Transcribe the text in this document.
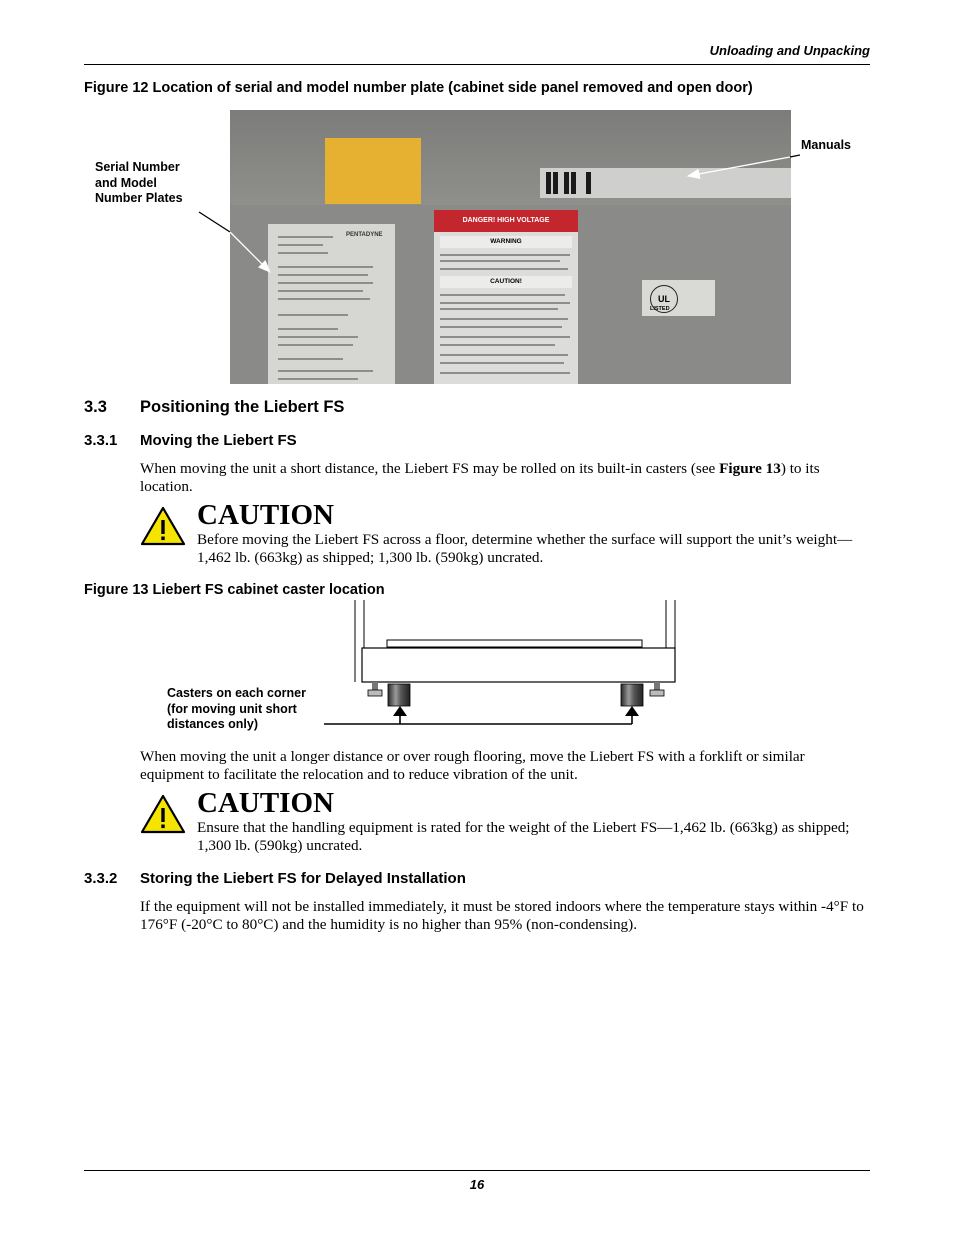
Unloading and Unpacking
Figure 12 Location of serial and model number plate (cabinet side panel removed and open door)
PENTADYNE
DANGER! HIGH VOLTAGE
WARNING
CAUTION!
UL
LISTED
Serial Number
and Model
Number Plates
Manuals
3.3 Positioning the Liebert FS
3.3.1 Moving the Liebert FS
When moving the unit a short distance, the Liebert FS may be rolled on its built-in casters (see Figure 13) to its location.
CAUTION
Before moving the Liebert FS across a floor, determine whether the surface will support the unit’s weight—1,462 lb. (663kg) as shipped; 1,300 lb. (590kg) uncrated.
Figure 13 Liebert FS cabinet caster location
Casters on each corner
(for moving unit short
distances only)
When moving the unit a longer distance or over rough flooring, move the Liebert FS with a forklift or similar equipment to facilitate the relocation and to reduce vibration of the unit.
CAUTION
Ensure that the handling equipment is rated for the weight of the Liebert FS—1,462 lb. (663kg) as shipped; 1,300 lb. (590kg) uncrated.
3.3.2 Storing the Liebert FS for Delayed Installation
If the equipment will not be installed immediately, it must be stored indoors where the temperature stays within -4°F to 176°F (-20°C to 80°C) and the humidity is no higher than 95% (non-condensing).
16
